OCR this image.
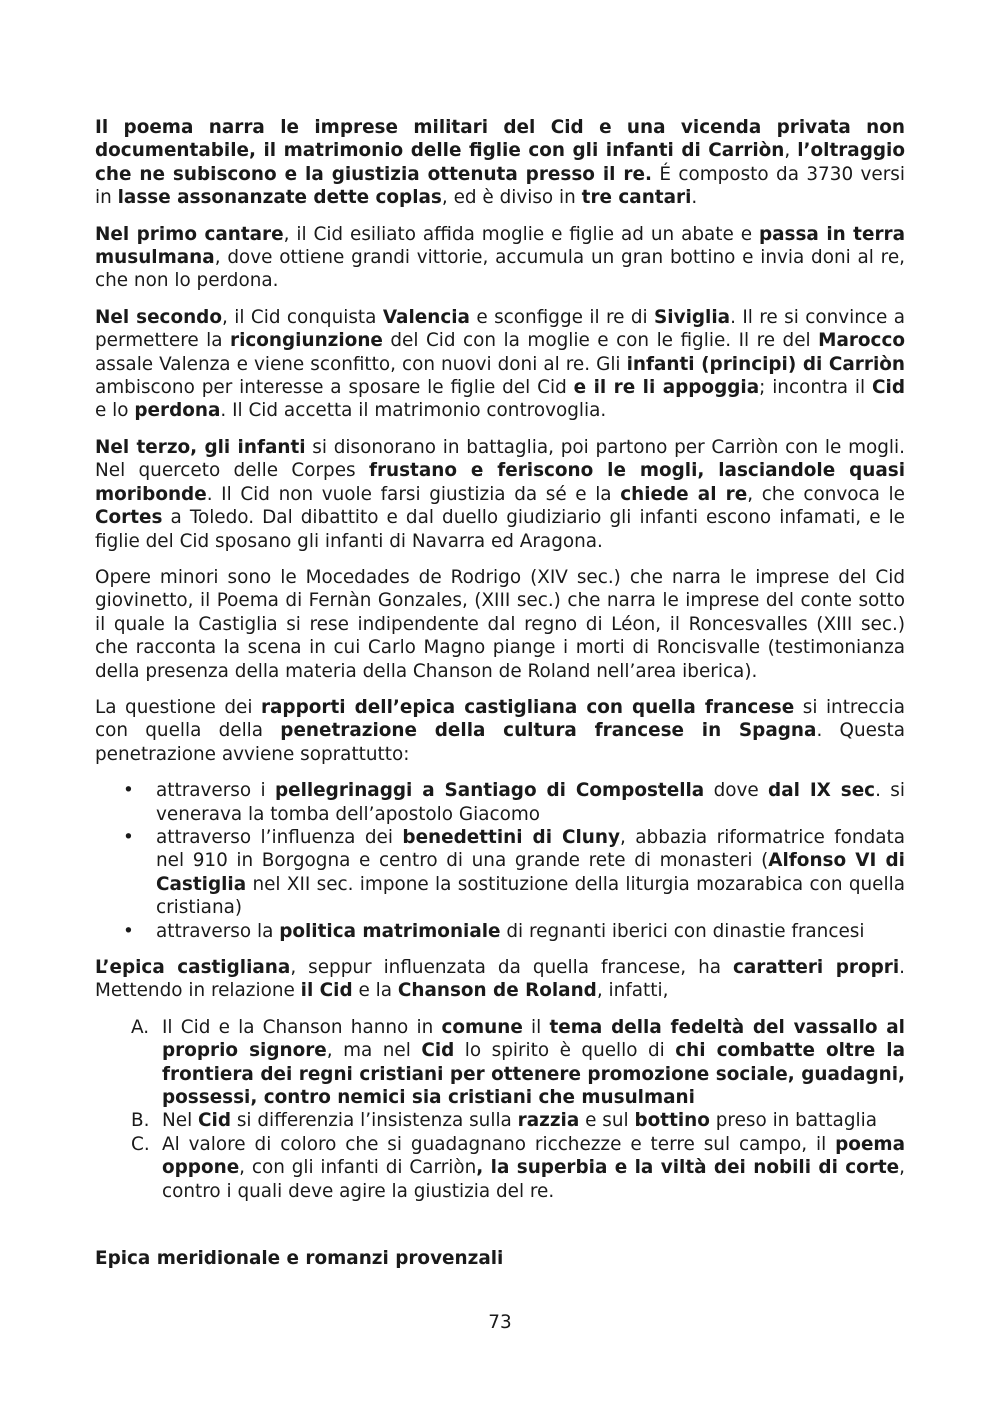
Il poema narra le imprese militari del Cid e una vicenda privata non documentabile, il matrimonio delle figlie con gli infanti di Carriòn, l’oltraggio che ne subiscono e la giustizia ottenuta presso il re. É composto da 3730 versi in lasse assonanzate dette coplas, ed è diviso in tre cantari.

Nel primo cantare, il Cid esiliato affida moglie e figlie ad un abate e passa in terra musulmana, dove ottiene grandi vittorie, accumula un gran bottino e invia doni al re, che non lo perdona.

Nel secondo, il Cid conquista Valencia e sconfigge il re di Siviglia. Il re si convince a permettere la ricongiunzione del Cid con la moglie e con le figlie. Il re del Marocco assale Valenza e viene sconfitto, con nuovi doni al re. Gli infanti (principi) di Carriòn ambiscono per interesse a sposare le figlie del Cid e il re li appoggia; incontra il Cid e lo perdona. Il Cid accetta il matrimonio controvoglia.

Nel terzo, gli infanti si disonorano in battaglia, poi partono per Carriòn con le mogli. Nel querceto delle Corpes frustano e feriscono le mogli, lasciandole quasi moribonde. Il Cid non vuole farsi giustizia da sé e la chiede al re, che convoca le Cortes a Toledo. Dal dibattito e dal duello giudiziario gli infanti escono infamati, e le figlie del Cid sposano gli infanti di Navarra ed Aragona.

Opere minori sono le Mocedades de Rodrigo (XIV sec.) che narra le imprese del Cid giovinetto, il Poema di Fernàn Gonzales, (XIII sec.) che narra le imprese del conte sotto il quale la Castiglia si rese indipendente dal regno di Léon, il Roncesvalles (XIII sec.) che racconta la scena in cui Carlo Magno piange i morti di Roncisvalle (testimonianza della presenza della materia della Chanson de Roland nell’area iberica).

La questione dei rapporti dell’epica castigliana con quella francese si intreccia con quella della penetrazione della cultura francese in Spagna. Questa penetrazione avviene soprattutto:

• attraverso i pellegrinaggi a Santiago di Compostella dove dal IX sec. si venerava la tomba dell’apostolo Giacomo
• attraverso l’influenza dei benedettini di Cluny, abbazia riformatrice fondata nel 910 in Borgogna e centro di una grande rete di monasteri (Alfonso VI di Castiglia nel XII sec. impone la sostituzione della liturgia mozarabica con quella cristiana)
• attraverso la politica matrimoniale di regnanti iberici con dinastie francesi

L’epica castigliana, seppur influenzata da quella francese, ha caratteri propri. Mettendo in relazione il Cid e la Chanson de Roland, infatti,

A. Il Cid e la Chanson hanno in comune il tema della fedeltà del vassallo al proprio signore, ma nel Cid lo spirito è quello di chi combatte oltre la frontiera dei regni cristiani per ottenere promozione sociale, guadagni, possessi, contro nemici sia cristiani che musulmani
B. Nel Cid si differenzia l’insistenza sulla razzia e sul bottino preso in battaglia
C. Al valore di coloro che si guadagnano ricchezze e terre sul campo, il poema oppone, con gli infanti di Carriòn, la superbia e la viltà dei nobili di corte, contro i quali deve agire la giustizia del re.
Epica meridionale e romanzi provenzali
73
